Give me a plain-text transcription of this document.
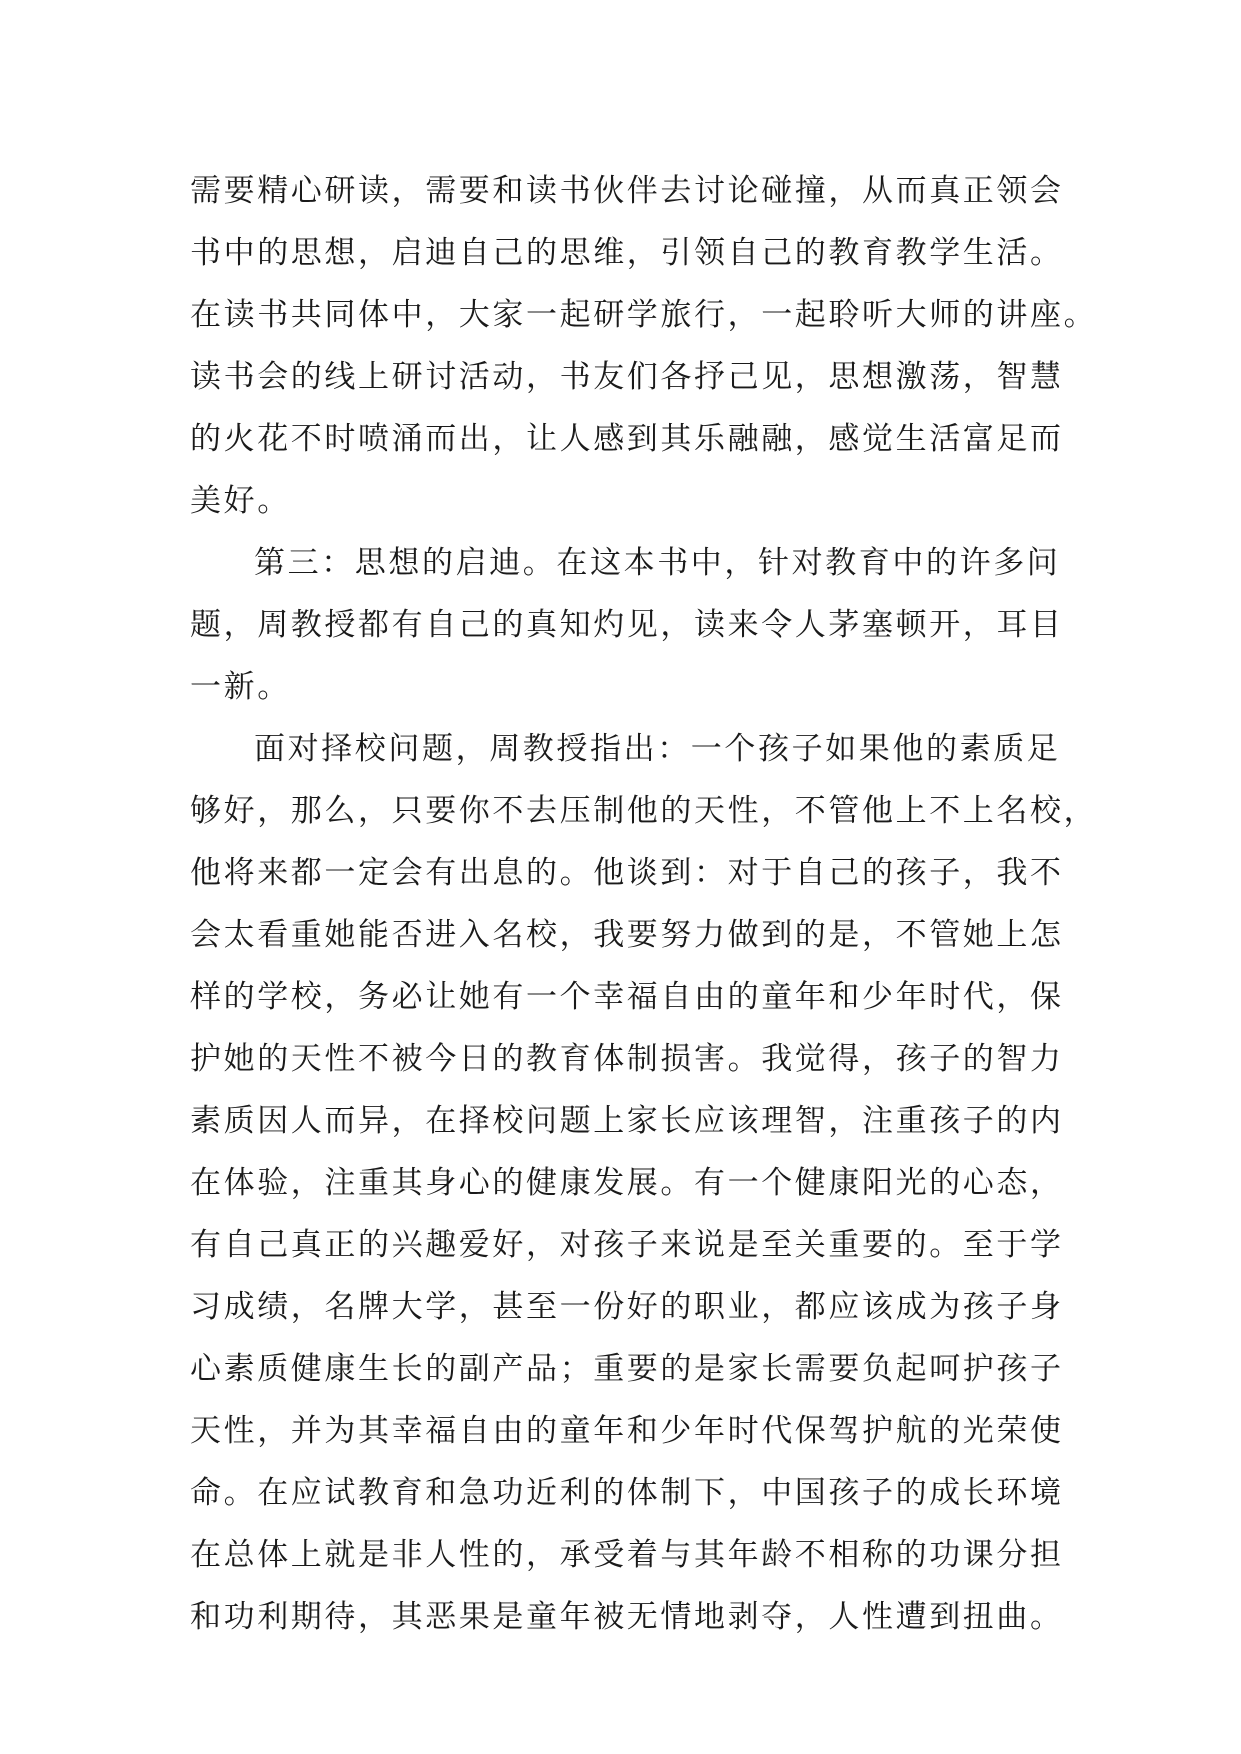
需要精心研读，需要和读书伙伴去讨论碰撞，从而真正领会

书中的思想，启迪自己的思维，引领自己的教育教学生活。

在读书共同体中，大家一起研学旅行，一起聆听大师的讲座。

读书会的线上研讨活动，书友们各抒己见，思想激荡，智慧

的火花不时喷涌而出，让人感到其乐融融，感觉生活富足而

美好。

第三：思想的启迪。在这本书中，针对教育中的许多问

题，周教授都有自己的真知灼见，读来令人茅塞顿开，耳目

一新。

面对择校问题，周教授指出：一个孩子如果他的素质足

够好，那么，只要你不去压制他的天性，不管他上不上名校，

他将来都一定会有出息的。他谈到：对于自己的孩子，我不

会太看重她能否进入名校，我要努力做到的是，不管她上怎

样的学校，务必让她有一个幸福自由的童年和少年时代，保

护她的天性不被今日的教育体制损害。我觉得，孩子的智力

素质因人而异，在择校问题上家长应该理智，注重孩子的内

在体验，注重其身心的健康发展。有一个健康阳光的心态，

有自己真正的兴趣爱好，对孩子来说是至关重要的。至于学

习成绩，名牌大学，甚至一份好的职业，都应该成为孩子身

心素质健康生长的副产品；重要的是家长需要负起呵护孩子

天性，并为其幸福自由的童年和少年时代保驾护航的光荣使

命。在应试教育和急功近利的体制下，中国孩子的成长环境

在总体上就是非人性的，承受着与其年龄不相称的功课分担

和功利期待，其恶果是童年被无情地剥夺，人性遭到扭曲。
